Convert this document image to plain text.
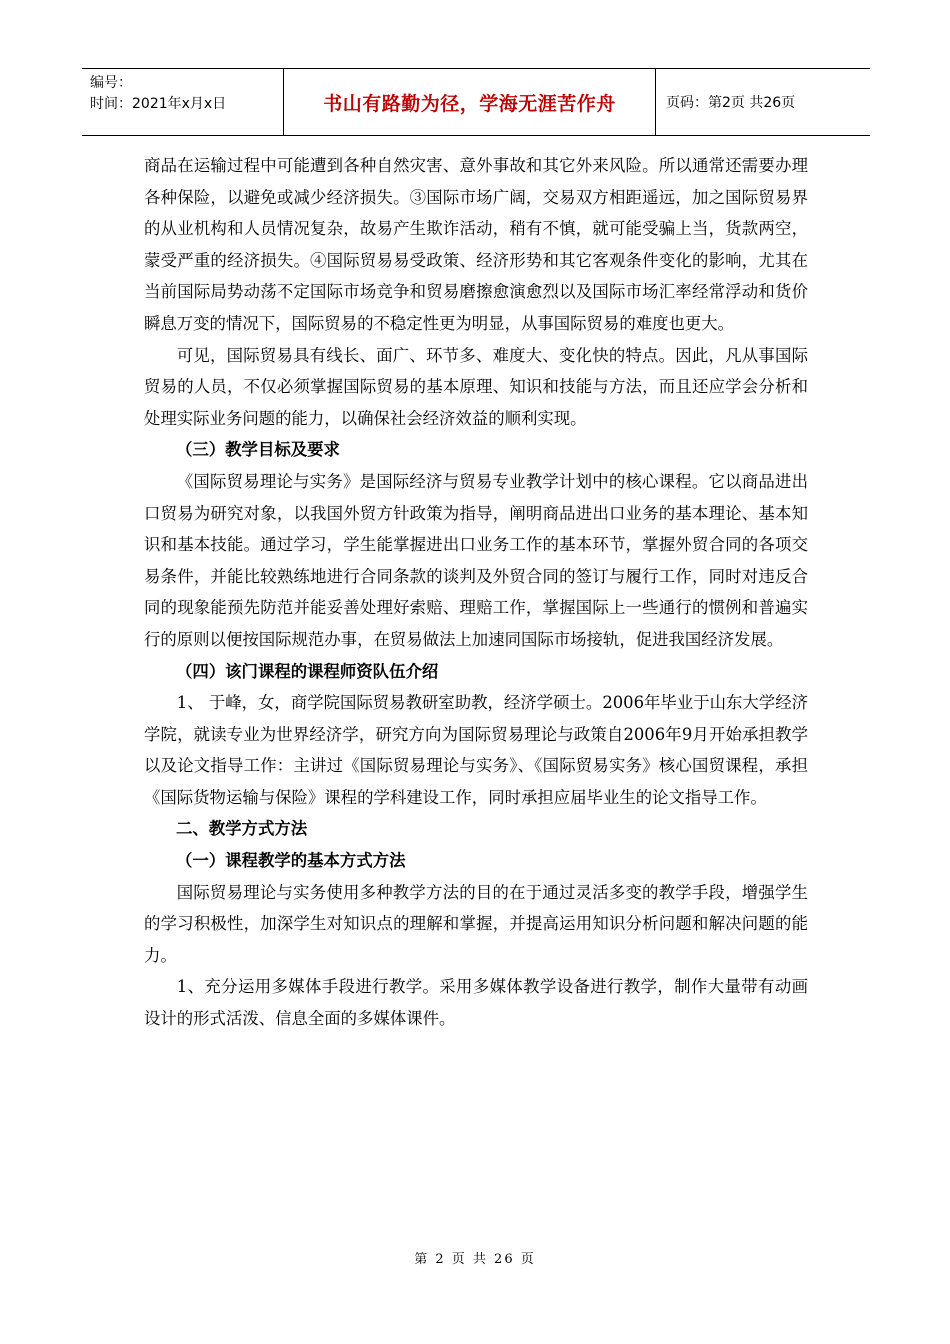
编号：
时间：2021年x月x日	书山有路勤为径，学海无涯苦作舟	页码：第2页 共26页

商品在运输过程中可能遭到各种自然灾害、意外事故和其它外来风险。所以通常还需要办理各种保险，以避免或减少经济损失。③国际市场广阔，交易双方相距遥远，加之国际贸易界的从业机构和人员情况复杂，故易产生欺诈活动，稍有不慎，就可能受骗上当，货款两空，蒙受严重的经济损失。④国际贸易易受政策、经济形势和其它客观条件变化的影响，尤其在当前国际局势动荡不定国际市场竞争和贸易磨擦愈演愈烈以及国际市场汇率经常浮动和货价瞬息万变的情况下，国际贸易的不稳定性更为明显，从事国际贸易的难度也更大。

可见，国际贸易具有线长、面广、环节多、难度大、变化快的特点。因此，凡从事国际贸易的人员，不仅必须掌握国际贸易的基本原理、知识和技能与方法，而且还应学会分析和处理实际业务问题的能力，以确保社会经济效益的顺利实现。

（三）教学目标及要求

《国际贸易理论与实务》是国际经济与贸易专业教学计划中的核心课程。它以商品进出口贸易为研究对象，以我国外贸方针政策为指导，阐明商品进出口业务的基本理论、基本知识和基本技能。通过学习，学生能掌握进出口业务工作的基本环节，掌握外贸合同的各项交易条件，并能比较熟练地进行合同条款的谈判及外贸合同的签订与履行工作，同时对违反合同的现象能预先防范并能妥善处理好索赔、理赔工作，掌握国际上一些通行的惯例和普遍实行的原则以便按国际规范办事，在贸易做法上加速同国际市场接轨，促进我国经济发展。

（四）该门课程的课程师资队伍介绍

1、 于峰，女，商学院国际贸易教研室助教，经济学硕士。2006年毕业于山东大学经济学院，就读专业为世界经济学，研究方向为国际贸易理论与政策自2006年9月开始承担教学以及论文指导工作：主讲过《国际贸易理论与实务》、《国际贸易实务》核心国贸课程，承担《国际货物运输与保险》课程的学科建设工作，同时承担应届毕业生的论文指导工作。

二、教学方式方法

（一）课程教学的基本方式方法

国际贸易理论与实务使用多种教学方法的目的在于通过灵活多变的教学手段，增强学生的学习积极性，加深学生对知识点的理解和掌握，并提高运用知识分析问题和解决问题的能力。

1、充分运用多媒体手段进行教学。采用多媒体教学设备进行教学，制作大量带有动画设计的形式活泼、信息全面的多媒体课件。

第 2 页 共 26 页
